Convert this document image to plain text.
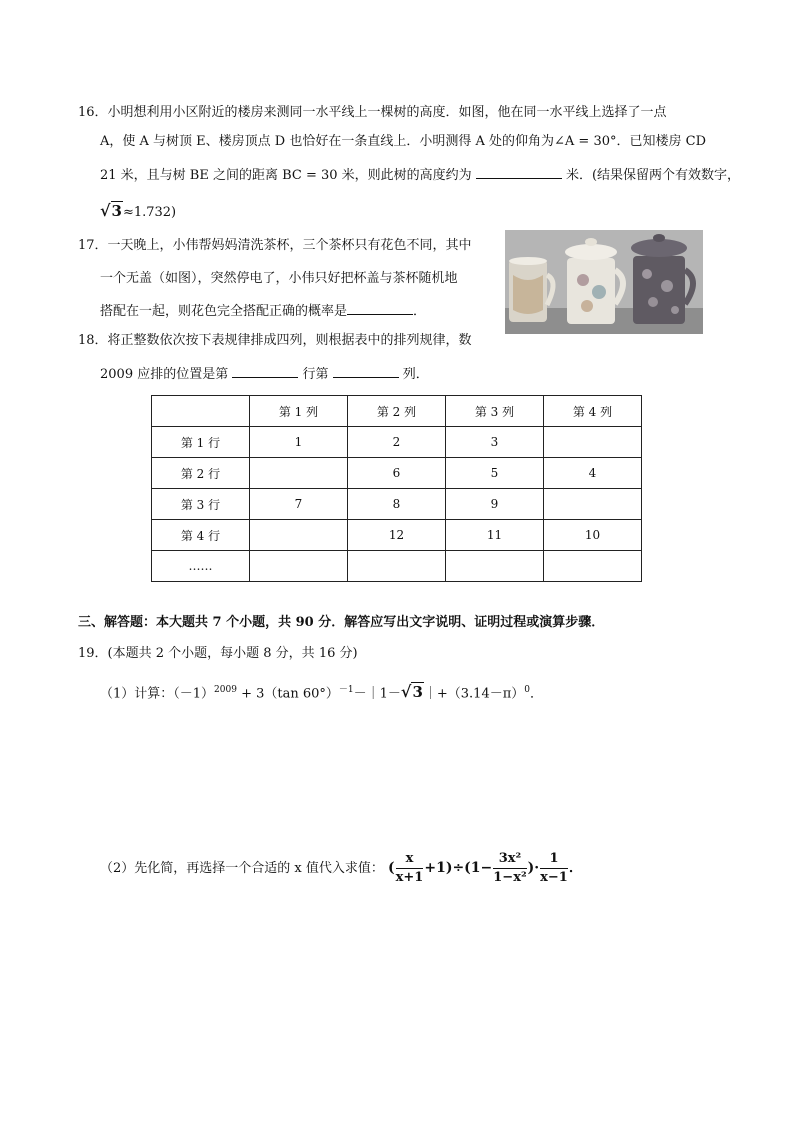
16．小明想利用小区附近的楼房来测同一水平线上一棵树的高度．如图，他在同一水平线上选择了一点
A，使 A 与树顶 E、楼房顶点 D 也恰好在一条直线上．小明测得 A 处的仰角为∠A = 30°．已知楼房 CD
21 米，且与树 BE 之间的距离 BC = 30 米，则此树的高度约为	米．(结果保留两个有效数字，
√3≈1.732)
17．一天晚上，小伟帮妈妈清洗茶杯，三个茶杯只有花色不同，其中
一个无盖（如图），突然停电了，小伟只好把杯盖与茶杯随机地
搭配在一起，则花色完全搭配正确的概率是	．
18．将正整数依次按下表规律排成四列，则根据表中的排列规律，数
2009 应排的位置是第	行第	列．
	第 1 列	第 2 列	第 3 列	第 4 列
第 1 行	1	2	3	
第 2 行		6	5	4
第 3 行	7	8	9	
第 4 行		12	11	10
……				
三、解答题：本大题共 7 个小题，共 90 分．解答应写出文字说明、证明过程或演算步骤．
19．(本题共 2 个小题，每小题 8 分，共 16 分)
（1）计算：$(-1)^{2009} + 3(\tan$ $60^\circ)^{-1}-|1-√3|+(3.14-\pi)^0$．
（2）先化简，再选择一个合适的 x 值代入求值： ( $\frac{x}{x+1} +1)\div(1- \frac{\text{3x²}}{\text{1−x²}}$ )· $\frac{1}{x-1}$ ．
